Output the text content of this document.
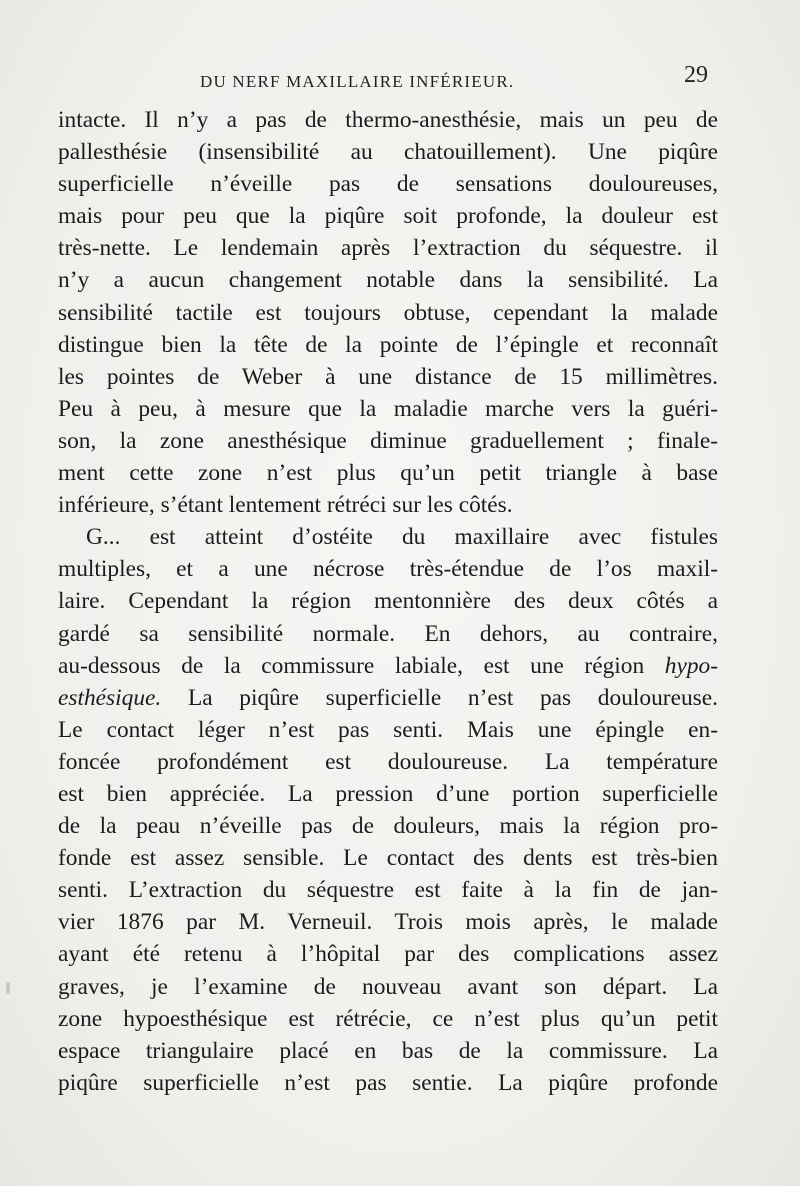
DU NERF MAXILLAIRE INFÉRIEUR.	29
intacte. Il n’y a pas de thermo-anesthésie, mais un peu de
pallesthésie (insensibilité au chatouillement). Une piqûre
superficielle n’éveille pas de sensations douloureuses,
mais pour peu que la piqûre soit profonde, la douleur est
très-nette. Le lendemain après l’extraction du séquestre. il
n’y a aucun changement notable dans la sensibilité. La
sensibilité tactile est toujours obtuse, cependant la malade
distingue bien la tête de la pointe de l’épingle et reconnaît
les pointes de Weber à une distance de 15 millimètres.
Peu à peu, à mesure que la maladie marche vers la guéri-
son, la zone anesthésique diminue graduellement ; finale-
ment cette zone n’est plus qu’un petit triangle à base
inférieure, s’étant lentement rétréci sur les côtés.
G... est atteint d’ostéite du maxillaire avec fistules
multiples, et a une nécrose très-étendue de l’os maxil-
laire. Cependant la région mentonnière des deux côtés a
gardé sa sensibilité normale. En dehors, au contraire,
au-dessous de la commissure labiale, est une région hypo-
esthésique. La piqûre superficielle n’est pas douloureuse.
Le contact léger n’est pas senti. Mais une épingle en-
foncée profondément est douloureuse. La température
est bien appréciée. La pression d’une portion superficielle
de la peau n’éveille pas de douleurs, mais la région pro-
fonde est assez sensible. Le contact des dents est très-bien
senti. L’extraction du séquestre est faite à la fin de jan-
vier 1876 par M. Verneuil. Trois mois après, le malade
ayant été retenu à l’hôpital par des complications assez
graves, je l’examine de nouveau avant son départ. La
zone hypoesthésique est rétrécie, ce n’est plus qu’un petit
espace triangulaire placé en bas de la commissure. La
piqûre superficielle n’est pas sentie. La piqûre profonde
